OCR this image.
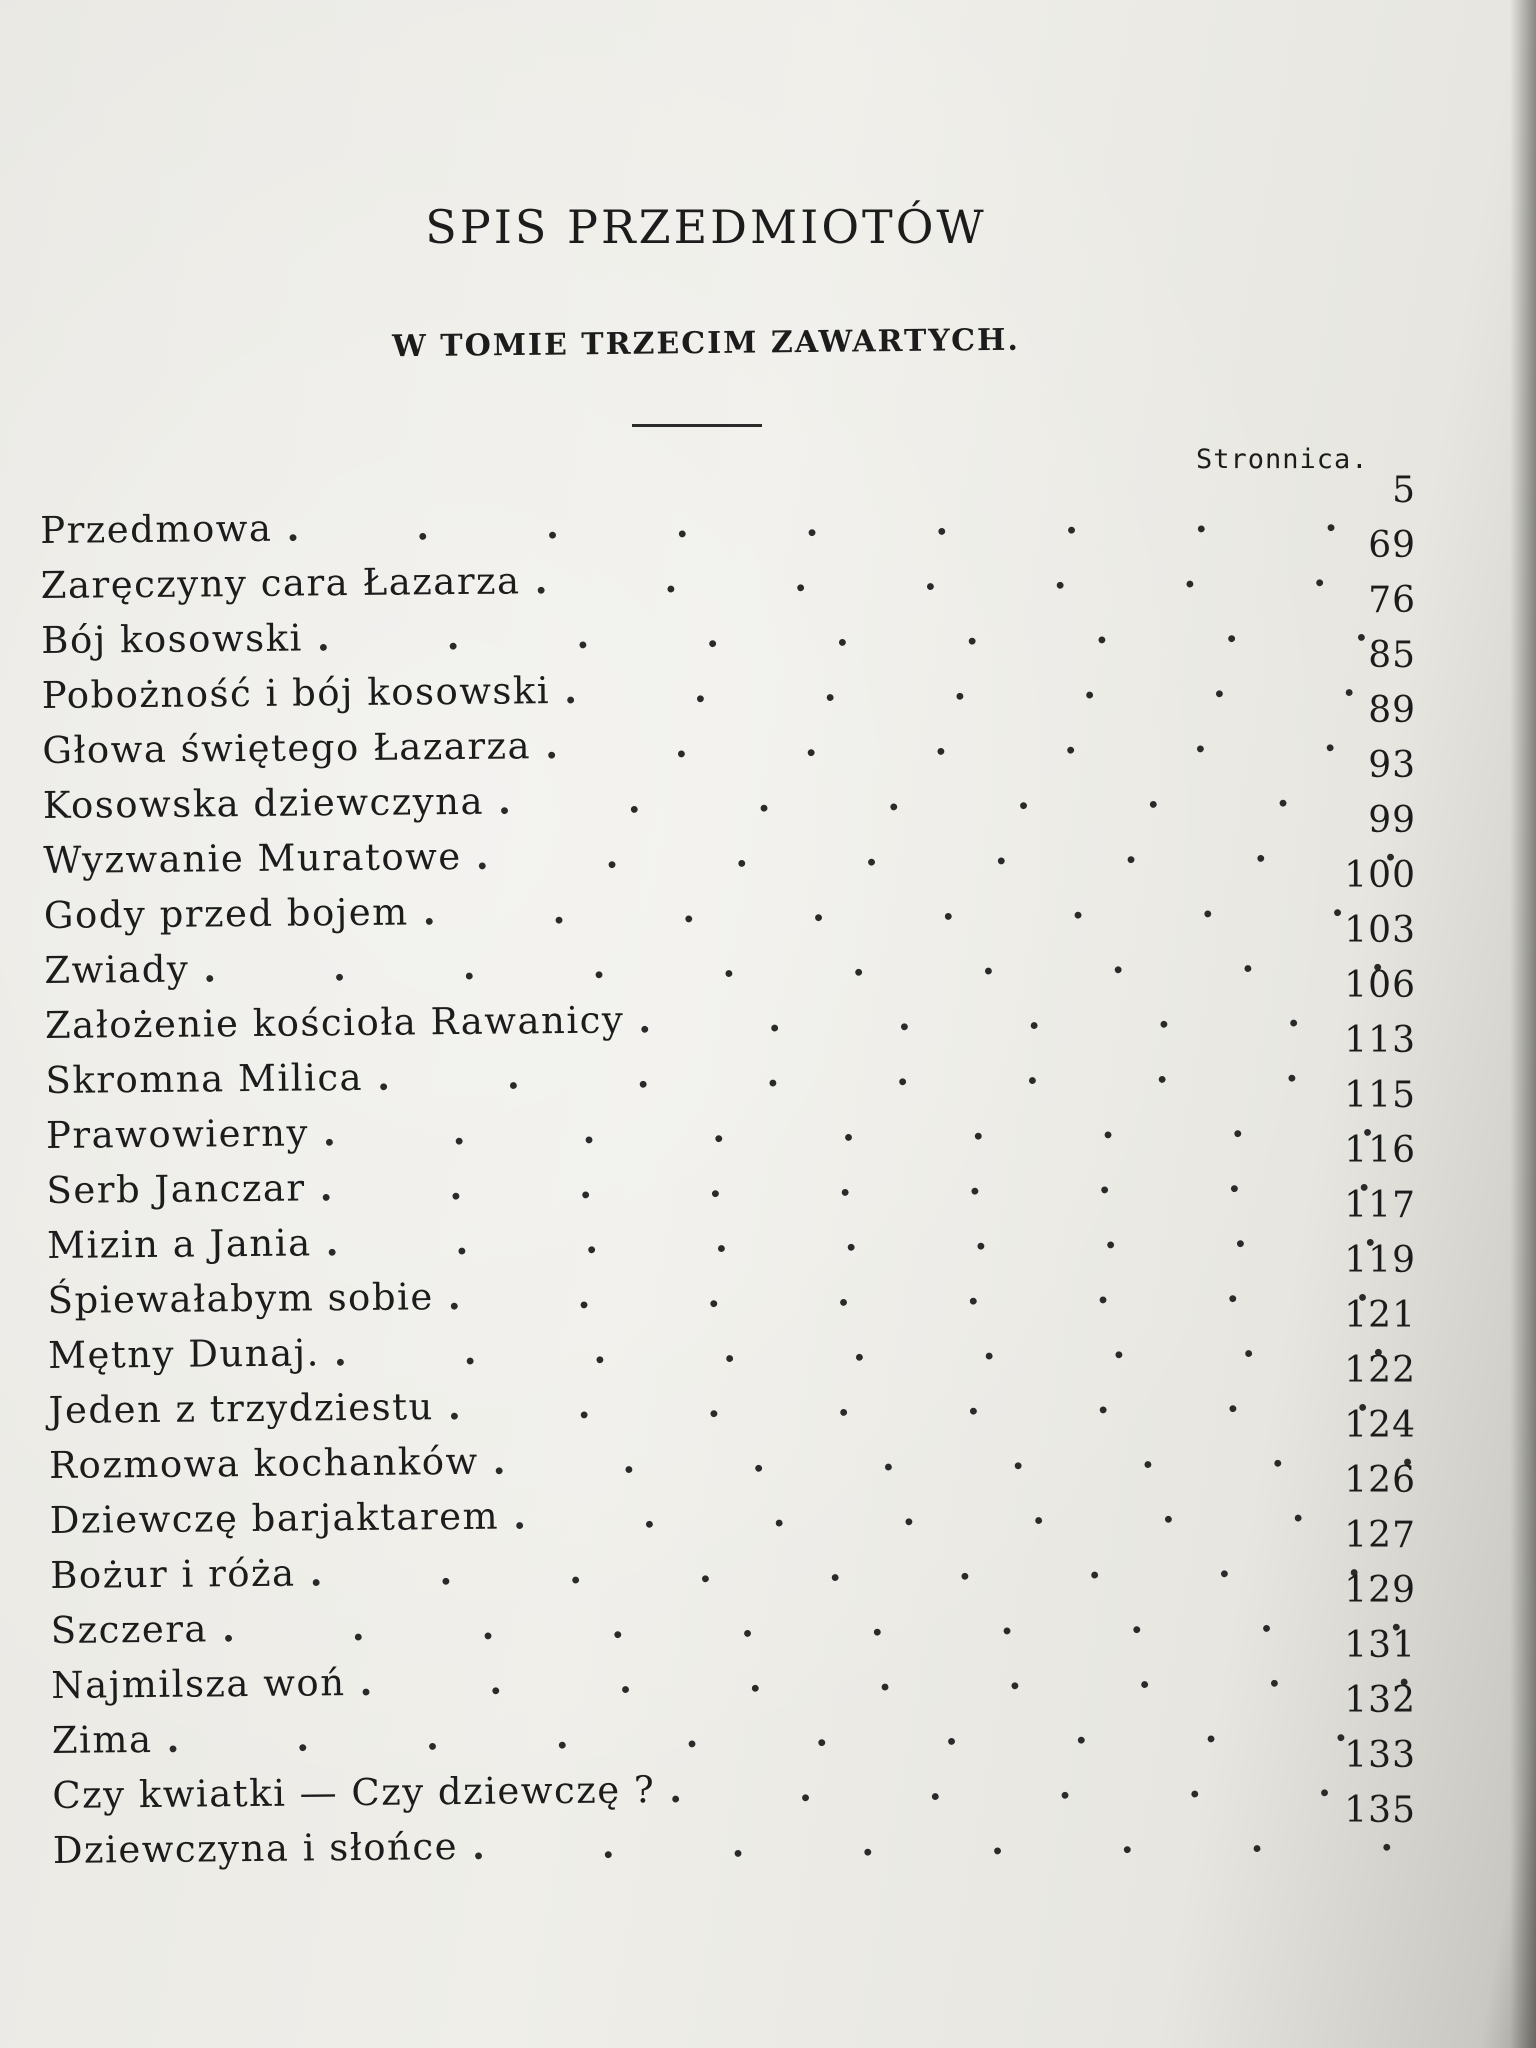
SPIS PRZEDMIOTÓW
W TOMIE TRZECIM ZAWARTYCH.
Stronnica.
Przedmowa
. . .
Zaręczyny cara Łazarza
. . .
Bój kosowski
. . .
Pobożność i bój kosowski
. . .
Głowa świętego Łazarza
. . .
Kosowska dziewczyna
. . .
Wyzwanie Muratowe
. . .
Gody przed bojem
. . .
Zwiady
. . .
Założenie kościoła Rawanicy
. . .
Skromna Milica
. . .
Prawowierny
. . .
Serb Janczar
. . .
Mizin a Jania
. . .
Śpiewałabym sobie
. . .
Mętny Dunaj.
. . .
Jeden z trzydziestu
. . .
Rozmowa kochanków
. . .
Dziewczę barjaktarem
. . .
Bożur i róża
. . .
Szczera
. . .
Najmilsza woń
. . .
Zima
. . .
Czy kwiatki — Czy dziewczę ?
. . .
Dziewczyna i słońce
. . .
5
69
76
85
89
93
99
100
103
106
113
115
116
117
119
121
122
124
126
127
129
131
132
133
135
